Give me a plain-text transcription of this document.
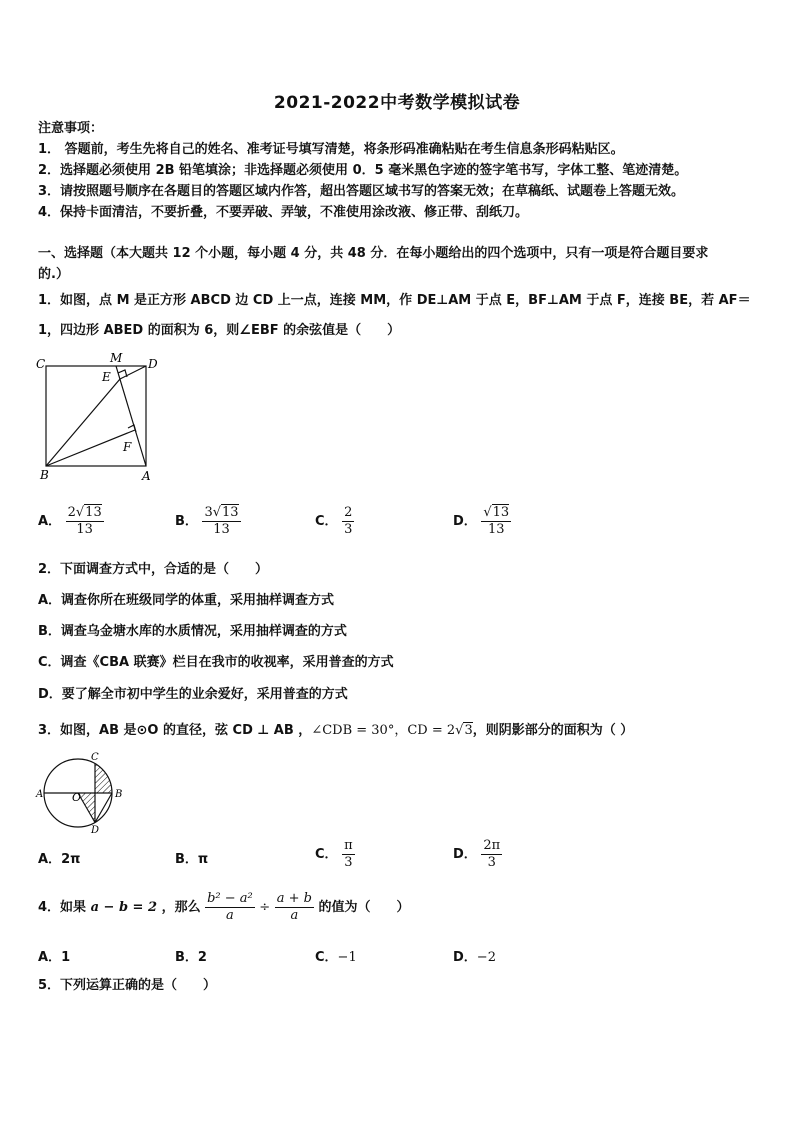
2021-2022中考数学模拟试卷
注意事项：
1． 答题前，考生先将自己的姓名、准考证号填写清楚，将条形码准确粘贴在考生信息条形码粘贴区。
2．选择题必须使用 2B 铅笔填涂；非选择题必须使用 0．5 毫米黑色字迹的签字笔书写，字体工整、笔迹清楚。
3．请按照题号顺序在各题目的答题区域内作答，超出答题区域书写的答案无效；在草稿纸、试题卷上答题无效。
4．保持卡面清洁，不要折叠，不要弄破、弄皱，不准使用涂改液、修正带、刮纸刀。
一、选择题（本大题共 12 个小题，每小题 4 分，共 48 分．在每小题给出的四个选项中，只有一项是符合题目要求
的.）
1．如图，点 M 是正方形 ABCD 边 CD 上一点，连接 MM，作 DE⊥AM 于点 E，BF⊥AM 于点 F，连接 BE，若 AF＝
1，四边形 ABED 的面积为 6，则∠EBF 的余弦值是（　　）
C	M D
E
F
B	A
A． $\frac{2√13}{13}$	B． $\frac{3√13}{13}$	C． $\frac{2}{3}$	D． $\frac{√13}{13}$
2．下面调查方式中，合适的是（　　）
A．调查你所在班级同学的体重，采用抽样调查方式
B．调查乌金塘水库的水质情况，采用抽样调查的方式
C．调查《CBA 联赛》栏目在我市的收视率，采用普查的方式
D．要了解全市初中学生的业余爱好，采用普查的方式
3．如图，AB 是⊙O 的直径，弦 CD ⊥ AB ，∠CDB = 30°，CD = 2√3，则阴影部分的面积为（ ）
A	O	B
C
D
A．2π	B．π	C． $\frac{\pi}{3}$	D． $\frac{2\pi}{3}$
4．如果 a − b = 2 ，那么 $\frac{\text{b² − a²}}{a} \div \frac{a + b}{a}$ 的值为（　　）
A．1	B．2	C．−1	D．−2
5．下列运算正确的是（　　）
